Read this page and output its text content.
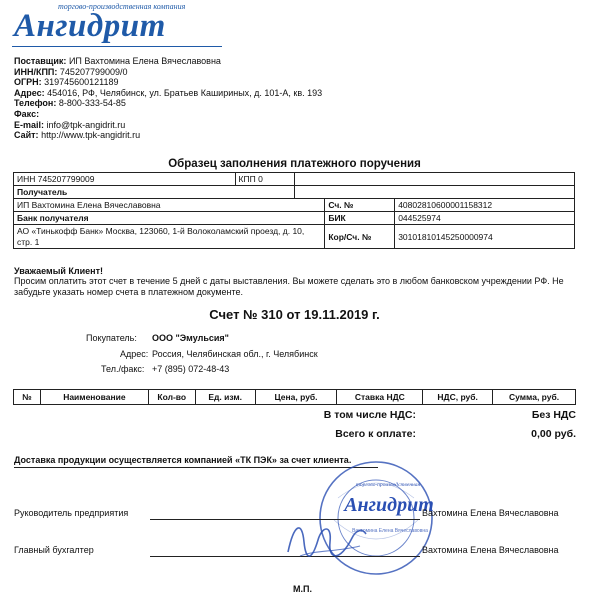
торгово-производственная компания
Ангидрит
Поставщик: ИП Вахтомина Елена Вячеславовна
ИНН/КПП: 745207799009/0
ОГРН: 319745600121189
Адрес: 454016, РФ, Челябинск, ул. Братьев Кашириных, д. 101-А, кв. 193
Телефон: 8-800-333-54-85
Факс:
E-mail: info@tpk-angidrit.ru
Сайт: http://www.tpk-angidrit.ru
Образец заполнения платежного поручения
ИНН 745207799009	КПП 0			
Получатель				
ИП Вахтомина Елена Вячеславовна			Сч. №	40802810600001158312
Банк получателя			БИК	044525974
АО «Тинькофф Банк» Москва, 123060, 1-й Волоколамский проезд, д. 10, стр. 1			Кор/Сч. №	30101810145250000974
Уважаемый Клиент!
Просим оплатить этот счет в течение 5 дней с даты выставления. Вы можете сделать это в любом банковском учреждении РФ. Не забудьте указать номер счета в платежном документе.
Счет № 310 от 19.11.2019 г.
Покупатель: ООО "Эмульсия"
Адрес: Россия, Челябинская обл., г. Челябинск
Тел./факс: +7 (895) 072-48-43
№	Наименование	Кол-во	Ед. изм.	Цена, руб.	Ставка НДС	НДС, руб.	Сумма, руб.
В том числе НДС:	Без НДС
Всего к оплате:	0,00 руб.
Доставка продукции осуществляется компанией «ТК ПЭК» за счет клиента.
торгово-производственная
Ангидрит
Вахтомина Елена Вячеславовна
Руководитель предприятия	Вахтомина Елена Вячеславовна
Главный бухгалтер	Вахтомина Елена Вячеславовна
М.П.
